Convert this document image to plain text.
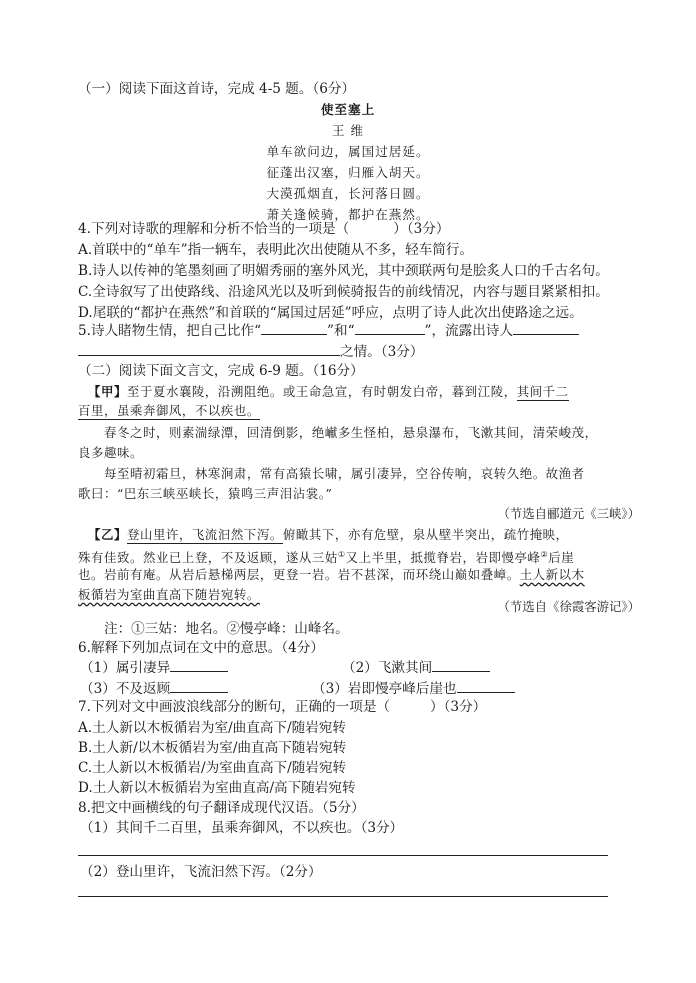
（一）阅读下面这首诗，完成 4-5 题。（6分）
使至塞上
王 维
单车欲问边，属国过居延。
征蓬出汉塞，归雁入胡天。
大漠孤烟直，长河落日圆。
萧关逢候骑，都护在燕然。
4.下列对诗歌的理解和分析不恰当的一项是（	）（3分）
A.首联中的“单车”指一辆车，表明此次出使随从不多，轻车简行。
B.诗人以传神的笔墨刻画了明媚秀丽的塞外风光，其中颈联两句是脍炙人口的千古名句。
C.全诗叙写了出使路线、沿途风光以及听到候骑报告的前线情况，内容与题目紧紧相扣。
D.尾联的“都护在燕然”和首联的“属国过居延”呼应，点明了诗人此次出使路途之远。
5.诗人睹物生情，把自己比作“	”和“	”，流露出诗人
之情。（3分）
（二）阅读下面文言文，完成 6-9 题。（16分）
【甲】至于夏水襄陵，沿溯阻绝。或王命急宣，有时朝发白帝，暮到江陵，其间千二
百里，虽乘奔御风，不以疾也。
春冬之时，则素湍绿潭，回清倒影，绝𪩘多生怪柏，悬泉瀑布，飞漱其间，清荣峻茂，
良多趣味。
每至晴初霜旦，林寒涧肃，常有高猿长啸，属引凄异，空谷传响，哀转久绝。故渔者
歌曰：“巴东三峡巫峡长，猿鸣三声泪沾裳。”
（节选自郦道元《三峡》）
【乙】登山里许，飞流汩然下泻。俯瞰其下，亦有危壁，泉从壁半突出，疏竹掩映，
殊有佳致。然业已上登，不及返顾，遂从三姑①又上半里，抵揽脊岩，岩即慢亭峰②后崖
也。岩前有庵。从岩后悬梯两层，更登一岩。岩不甚深，而环绕山巅如叠嶂。土人新以木
板循岩为室曲直高下随岩宛转。
（节选自《徐霞客游记》）
注：①三姑：地名。②慢亭峰：山峰名。
6.解释下列加点词在文中的意思。（4分）
（1）属引凄异	（2）飞漱其间
（3）不及返顾	（3）岩即慢亭峰后崖也
7.下列对文中画波浪线部分的断句，正确的一项是（	）（3分）
A.土人新以木板循岩为室/曲直高下/随岩宛转
B.土人新/以木板循岩为室/曲直高下随岩宛转
C.土人新以木板循岩/为室曲直高下/随岩宛转
D.土人新以木板循岩为室曲直高/高下随岩宛转
8.把文中画横线的句子翻译成现代汉语。（5分）
（1）其间千二百里，虽乘奔御风，不以疾也。（3分）
（2）登山里许，飞流汩然下泻。（2分）
